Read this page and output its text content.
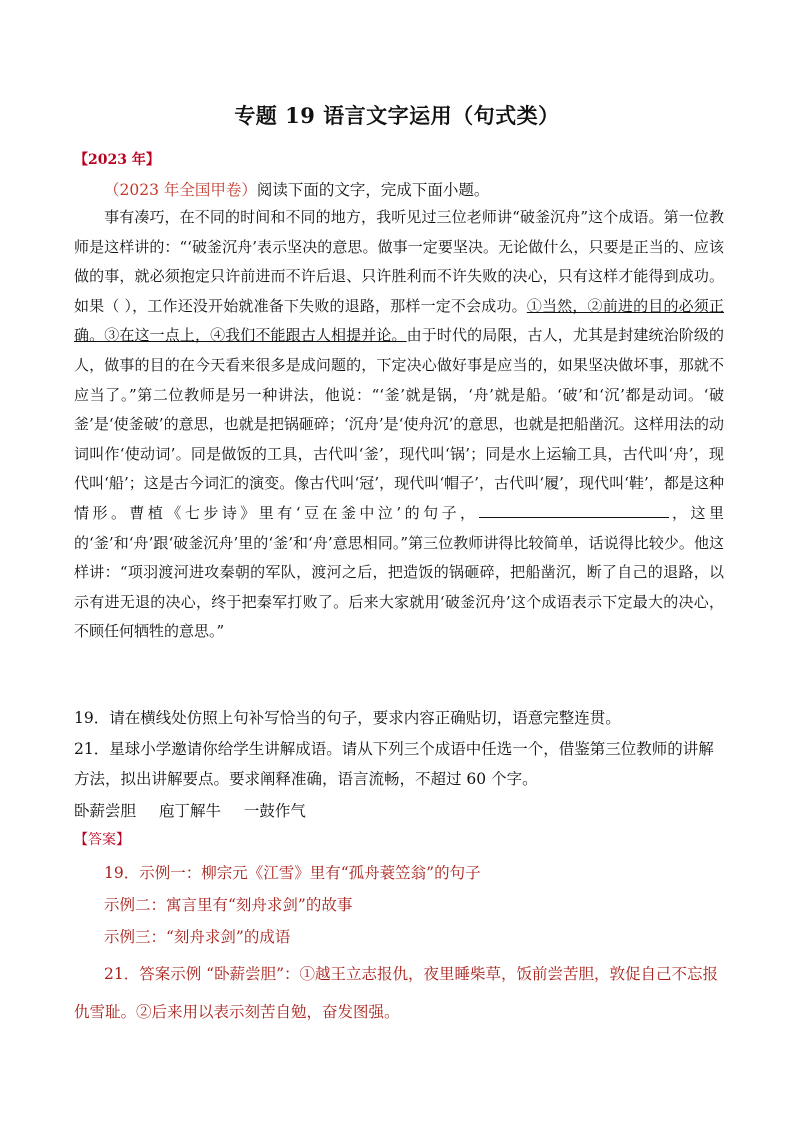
专题 19 语言文字运用（句式类）
【2023 年】
（2023 年全国甲卷）阅读下面的文字，完成下面小题。
事有凑巧，在不同的时间和不同的地方，我听见过三位老师讲“破釜沉舟”这个成语。第一位教师是这样讲的：“‘破釜沉舟’表示坚决的意思。做事一定要坚决。无论做什么，只要是正当的、应该做的事，就必须抱定只许前进而不许后退、只许胜利而不许失败的决心，只有这样才能得到成功。如果（ ），工作还没开始就准备下失败的退路，那样一定不会成功。①当然，②前进的目的必须正确。③在这一点上，④我们不能跟古人相提并论。由于时代的局限，古人，尤其是封建统治阶级的人，做事的目的在今天看来很多是成问题的，下定决心做好事是应当的，如果坚决做坏事，那就不应当了。”第二位教师是另一种讲法，他说：“‘釜’就是锅，‘舟’就是船。‘破’和‘沉’都是动词。‘破釜’是‘使釜破’的意思，也就是把锅砸碎；‘沉舟’是‘使舟沉’的意思，也就是把船凿沉。这样用法的动词叫作‘使动词’。同是做饭的工具，古代叫‘釜’，现代叫‘锅’；同是水上运输工具，古代叫‘舟’，现代叫‘船’；这是古今词汇的演变。像古代叫‘冠’，现代叫‘帽子’，古代叫‘履’，现代叫‘鞋’，都是这种情形。曹植《七步诗》里有‘豆在釜中泣’的句子，	，这里的‘釜’和‘舟’跟‘破釜沉舟’里的‘釜’和‘舟’意思相同。”第三位教师讲得比较简单，话说得比较少。他这样讲：“项羽渡河进攻秦朝的军队，渡河之后，把造饭的锅砸碎，把船凿沉，断了自己的退路，以示有进无退的决心，终于把秦军打败了。后来大家就用‘破釜沉舟’这个成语表示下定最大的决心，不顾任何牺牲的意思。”
19．请在横线处仿照上句补写恰当的句子，要求内容正确贴切，语意完整连贯。
21．星球小学邀请你给学生讲解成语。请从下列三个成语中任选一个，借鉴第三位教师的讲解方法，拟出讲解要点。要求阐释准确，语言流畅，不超过 60 个字。
卧薪尝胆 庖丁解牛 一鼓作气
【答案】
19．示例一：柳宗元《江雪》里有“孤舟蓑笠翁”的句子
示例二：寓言里有“刻舟求剑”的故事
示例三：“刻舟求剑”的成语
21．答案示例 “卧薪尝胆”：①越王立志报仇，夜里睡柴草，饭前尝苦胆，敦促自己不忘报仇雪耻。②后来用以表示刻苦自勉，奋发图强。
